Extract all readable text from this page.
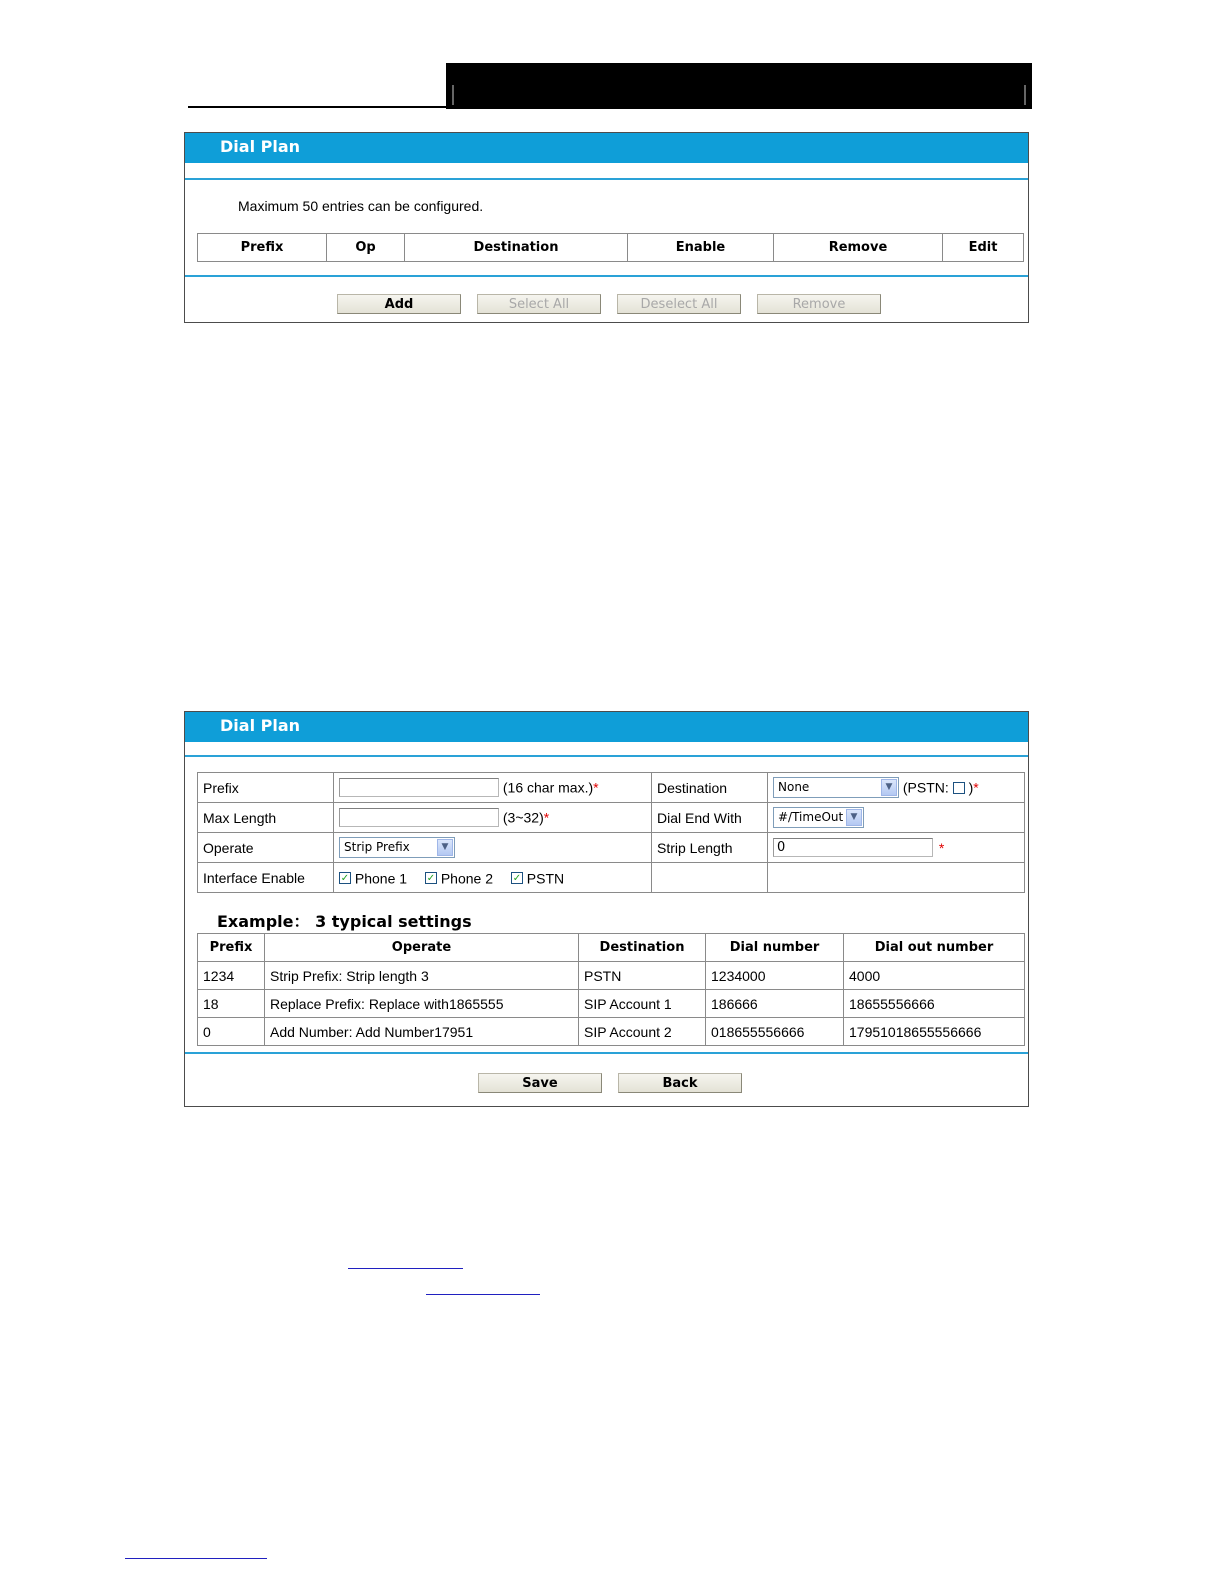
Dial Plan
Maximum 50 entries can be configured.
Prefix	Op	Destination	Enable	Remove	Edit
Add	Select All	Deselect All	Remove
Dial Plan
Prefix	(16 char max.)*	Destination	None ▼ (PSTN: )*
Max Length	(3~32)*	Dial End With	#/TimeOut ▼

Operate	Strip Prefix ▼	Strip Length	0 *
Interface Enable	✓ Phone 1 ✓ Phone 2 ✓ PSTN		
Example： 3 typical settings
Prefix	Operate	Destination	Dial number	Dial out number
1234	Strip Prefix: Strip length 3	PSTN	1234000	4000
18	Replace Prefix: Replace with1865555	SIP Account 1	186666	18655556666
0	Add Number: Add Number17951	SIP Account 2	018655556666	17951018655556666
Save	Back
